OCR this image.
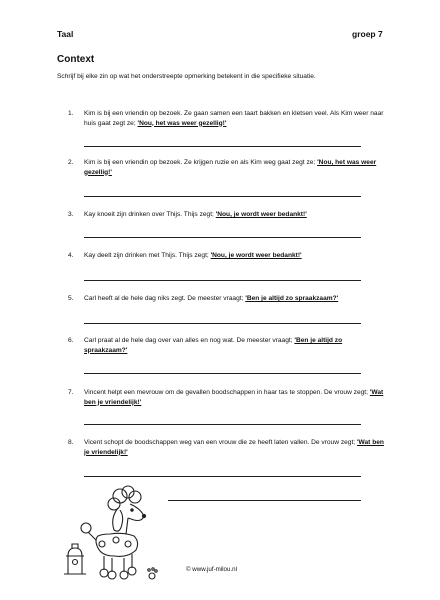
Taal	groep 7
Context
Schrijf bij elke zin op wat het onderstreepte opmerking betekent in die specifieke situatie.
1.	Kim is bij een vriendin op bezoek. Ze gaan samen een taart bakken en kletsen veel. Als Kim weer naar huis gaat zegt ze; 'Nou, het was weer gezellig!'
2.	Kim is bij een vriendin op bezoek. Ze krijgen ruzie en als Kim weg gaat zegt ze; 'Nou, het was weer gezellig!'
3.	Kay knoeit zijn drinken over Thijs. Thijs zegt; 'Nou, je wordt weer bedankt!'
4.	Kay deelt zijn drinken met Thijs. Thijs zegt; 'Nou, je wordt weer bedankt!'
5.	Carl heeft al de hele dag niks zegt. De meester vraagt; 'Ben je altijd zo spraakzaam?'
6.	Carl praat al de hele dag over van alles en nog wat. De meester vraagt; 'Ben je altijd zo spraakzaam?'
7.	Vincent helpt een mevrouw om de gevallen boodschappen in haar tas te stoppen. De vrouw zegt; 'Wat ben je vriendelijk!'
8.	Vicent schopt de boodschappen weg van een vrouw die ze heeft laten vallen. De vrouw zegt; 'Wat ben je vriendelijk!'
© www.juf-milou.nl
